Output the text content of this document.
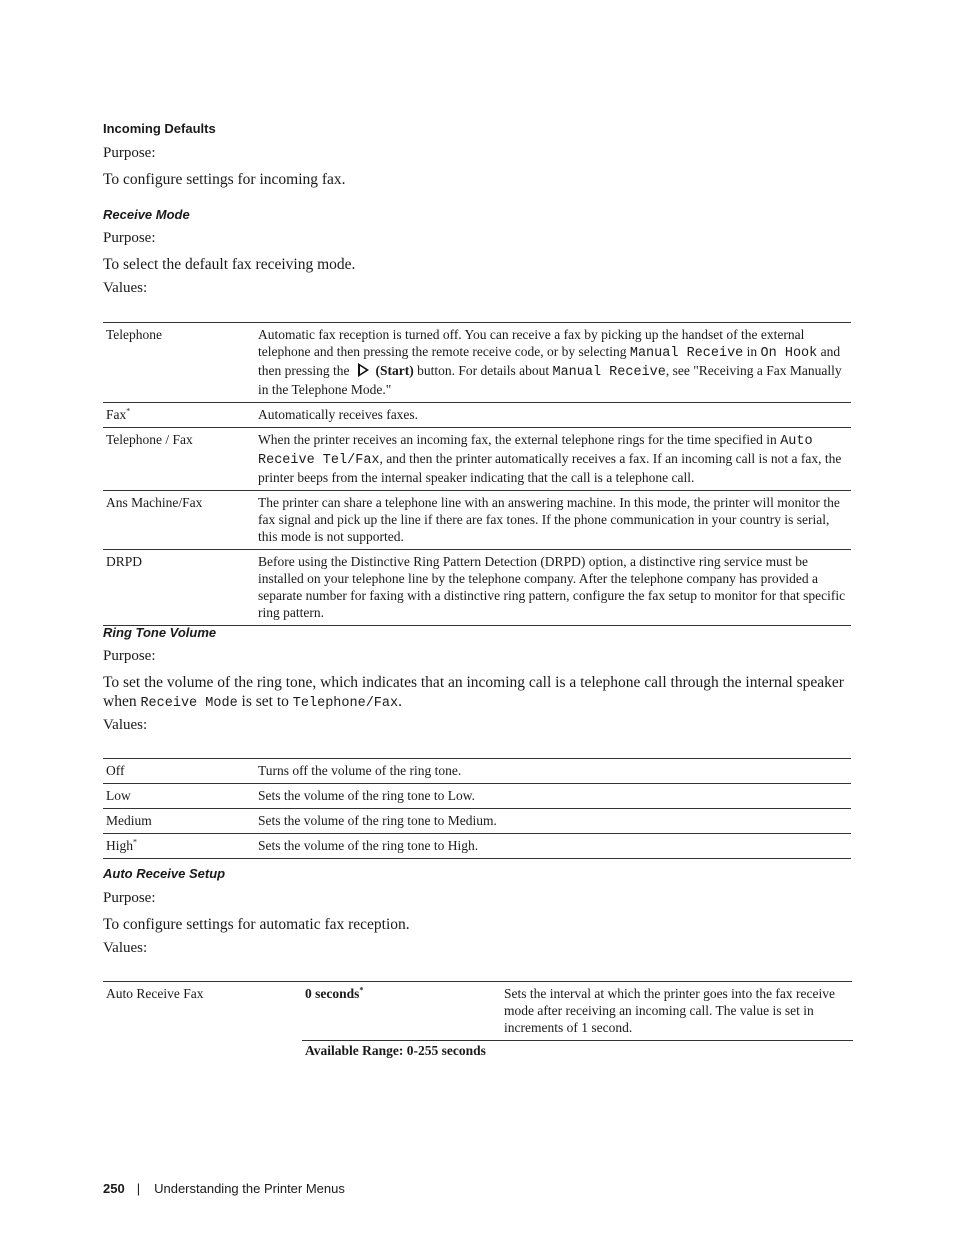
Incoming Defaults
Purpose:
To configure settings for incoming fax.
Receive Mode
Purpose:
To select the default fax receiving mode.
Values:
Telephone	Automatic fax reception is turned off. You can receive a fax by picking up the handset of the external telephone and then pressing the remote receive code, or by selecting Manual Receive in On Hook and then pressing the (Start) button. For details about Manual Receive, see "Receiving a Fax Manually in the Telephone Mode."
Fax*	Automatically receives faxes.
Telephone / Fax	When the printer receives an incoming fax, the external telephone rings for the time specified in Auto Receive Tel/Fax, and then the printer automatically receives a fax. If an incoming call is not a fax, the printer beeps from the internal speaker indicating that the call is a telephone call.
Ans Machine/Fax	The printer can share a telephone line with an answering machine. In this mode, the printer will monitor the fax signal and pick up the line if there are fax tones. If the phone communication in your country is serial, this mode is not supported.
DRPD	Before using the Distinctive Ring Pattern Detection (DRPD) option, a distinctive ring service must be installed on your telephone line by the telephone company. After the telephone company has provided a separate number for faxing with a distinctive ring pattern, configure the fax setup to monitor for that specific ring pattern.
Ring Tone Volume
Purpose:
To set the volume of the ring tone, which indicates that an incoming call is a telephone call through the internal speaker when Receive Mode is set to Telephone/Fax.
Values:
Off	Turns off the volume of the ring tone.
Low	Sets the volume of the ring tone to Low.
Medium	Sets the volume of the ring tone to Medium.
High*	Sets the volume of the ring tone to High.
Auto Receive Setup
Purpose:
To configure settings for automatic fax reception.
Values:
Auto Receive Fax	0 seconds*	Sets the interval at which the printer goes into the fax receive mode after receiving an incoming call. The value is set in increments of 1 second.
	Available Range: 0-255 seconds	
250 | Understanding the Printer Menus
